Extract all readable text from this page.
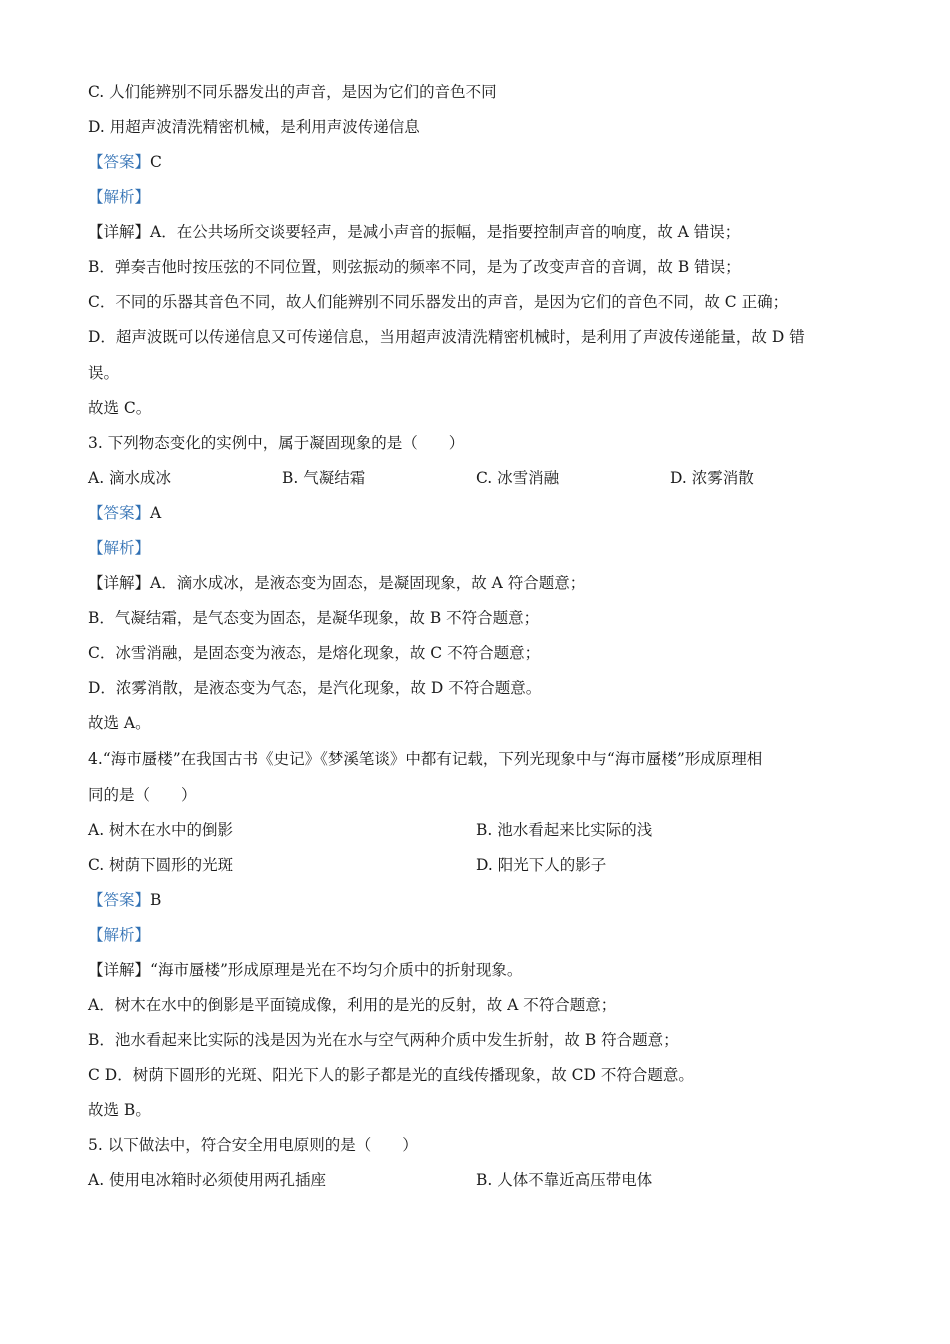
C. 人们能辨别不同乐器发出的声音，是因为它们的音色不同
D. 用超声波清洗精密机械，是利用声波传递信息
【答案】C
【解析】
【详解】A．在公共场所交谈要轻声，是减小声音的振幅，是指要控制声音的响度，故 A 错误；
B．弹奏吉他时按压弦的不同位置，则弦振动的频率不同，是为了改变声音的音调，故 B 错误；
C．不同的乐器其音色不同，故人们能辨别不同乐器发出的声音，是因为它们的音色不同，故 C 正确；
D．超声波既可以传递信息又可传递信息，当用超声波清洗精密机械时，是利用了声波传递能量，故 D 错
误。
故选 C。
3. 下列物态变化的实例中，属于凝固现象的是（　　）
A. 滴水成冰	B. 气凝结霜	C. 冰雪消融	D. 浓雾消散
【答案】A
【解析】
【详解】A．滴水成冰，是液态变为固态，是凝固现象，故 A 符合题意；
B．气凝结霜，是气态变为固态，是凝华现象，故 B 不符合题意；
C．冰雪消融，是固态变为液态，是熔化现象，故 C 不符合题意；
D．浓雾消散，是液态变为气态，是汽化现象，故 D 不符合题意。
故选 A。
4.“海市蜃楼”在我国古书《史记》《梦溪笔谈》中都有记载，下列光现象中与“海市蜃楼”形成原理相
同的是（　　）
A. 树木在水中的倒影	B. 池水看起来比实际的浅
C. 树荫下圆形的光斑	D. 阳光下人的影子
【答案】B
【解析】
【详解】“海市蜃楼”形成原理是光在不均匀介质中的折射现象。
A．树木在水中的倒影是平面镜成像，利用的是光的反射，故 A 不符合题意；
B．池水看起来比实际的浅是因为光在水与空气两种介质中发生折射，故 B 符合题意；
C D．树荫下圆形的光斑、阳光下人的影子都是光的直线传播现象，故 CD 不符合题意。
故选 B。
5. 以下做法中，符合安全用电原则的是（　　）
A. 使用电冰箱时必须使用两孔插座	B. 人体不靠近高压带电体
